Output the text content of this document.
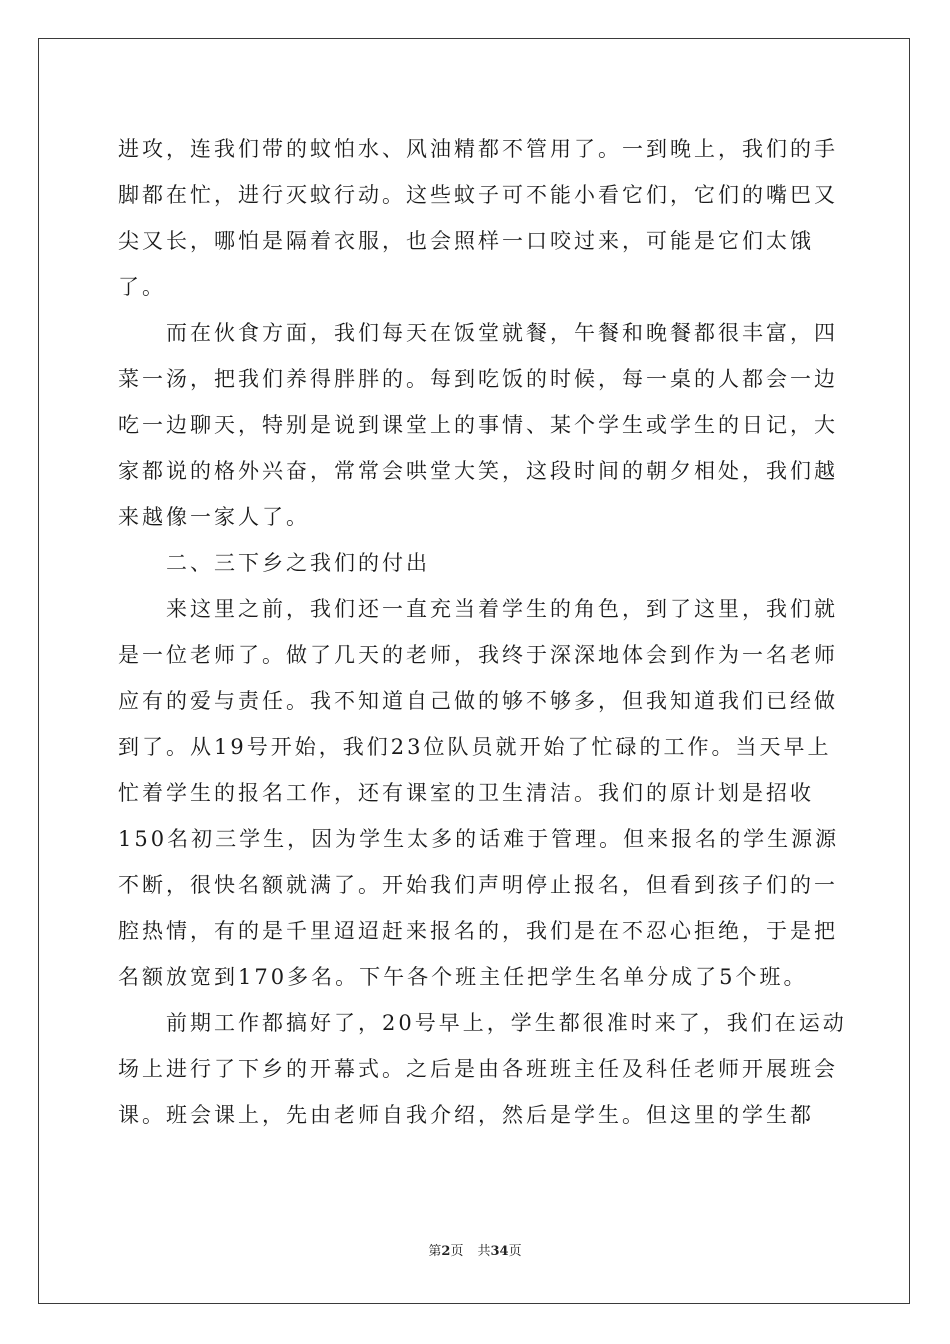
进攻，连我们带的蚊怕水、风油精都不管用了。一到晚上，我们的手脚都在忙，进行灭蚊行动。这些蚊子可不能小看它们，它们的嘴巴又尖又长，哪怕是隔着衣服，也会照样一口咬过来，可能是它们太饿了。

而在伙食方面，我们每天在饭堂就餐，午餐和晚餐都很丰富，四菜一汤，把我们养得胖胖的。每到吃饭的时候，每一桌的人都会一边吃一边聊天，特别是说到课堂上的事情、某个学生或学生的日记，大家都说的格外兴奋，常常会哄堂大笑，这段时间的朝夕相处，我们越来越像一家人了。

二、三下乡之我们的付出

来这里之前，我们还一直充当着学生的角色，到了这里，我们就是一位老师了。做了几天的老师，我终于深深地体会到作为一名老师应有的爱与责任。我不知道自己做的够不够多，但我知道我们已经做到了。从19号开始，我们23位队员就开始了忙碌的工作。当天早上忙着学生的报名工作，还有课室的卫生清洁。我们的原计划是招收150名初三学生，因为学生太多的话难于管理。但来报名的学生源源不断，很快名额就满了。开始我们声明停止报名，但看到孩子们的一腔热情，有的是千里迢迢赶来报名的，我们是在不忍心拒绝，于是把名额放宽到170多名。下午各个班主任把学生名单分成了5个班。

前期工作都搞好了，20号早上，学生都很准时来了，我们在运动场上进行了下乡的开幕式。之后是由各班班主任及科任老师开展班会课。班会课上，先由老师自我介绍，然后是学生。但这里的学生都

第2页 共34页
